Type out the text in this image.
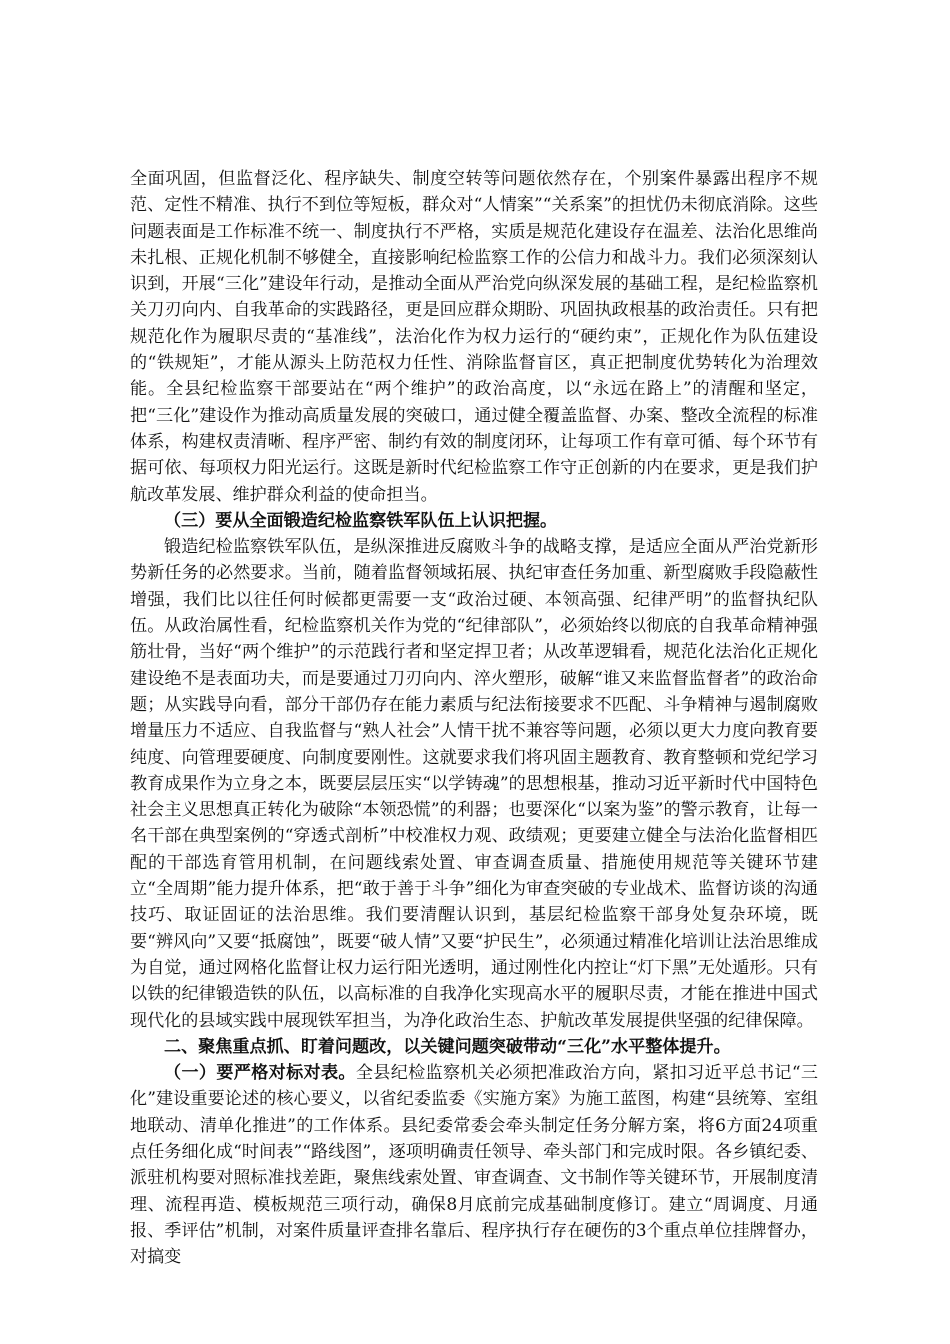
全面巩固，但监督泛化、程序缺失、制度空转等问题依然存在，个别案件暴露出程序不规范、定性不精准、执行不到位等短板，群众对“人情案”“关系案”的担忧仍未彻底消除。这些问题表面是工作标准不统一、制度执行不严格，实质是规范化建设存在温差、法治化思维尚未扎根、正规化机制不够健全，直接影响纪检监察工作的公信力和战斗力。我们必须深刻认识到，开展“三化”建设年行动，是推动全面从严治党向纵深发展的基础工程，是纪检监察机关刀刃向内、自我革命的实践路径，更是回应群众期盼、巩固执政根基的政治责任。只有把规范化作为履职尽责的“基准线”，法治化作为权力运行的“硬约束”，正规化作为队伍建设的“铁规矩”，才能从源头上防范权力任性、消除监督盲区，真正把制度优势转化为治理效能。全县纪检监察干部要站在“两个维护”的政治高度，以“永远在路上”的清醒和坚定，把“三化”建设作为推动高质量发展的突破口，通过健全覆盖监督、办案、整改全流程的标准体系，构建权责清晰、程序严密、制约有效的制度闭环，让每项工作有章可循、每个环节有据可依、每项权力阳光运行。这既是新时代纪检监察工作守正创新的内在要求，更是我们护航改革发展、维护群众利益的使命担当。

（三）要从全面锻造纪检监察铁军队伍上认识把握。

锻造纪检监察铁军队伍，是纵深推进反腐败斗争的战略支撑，是适应全面从严治党新形势新任务的必然要求。当前，随着监督领域拓展、执纪审查任务加重、新型腐败手段隐蔽性增强，我们比以往任何时候都更需要一支“政治过硬、本领高强、纪律严明”的监督执纪队伍。从政治属性看，纪检监察机关作为党的“纪律部队”，必须始终以彻底的自我革命精神强筋壮骨，当好“两个维护”的示范践行者和坚定捍卫者；从改革逻辑看，规范化法治化正规化建设绝不是表面功夫，而是要通过刀刃向内、淬火塑形，破解“谁又来监督监督者”的政治命题；从实践导向看，部分干部仍存在能力素质与纪法衔接要求不匹配、斗争精神与遏制腐败增量压力不适应、自我监督与“熟人社会”人情干扰不兼容等问题，必须以更大力度向教育要纯度、向管理要硬度、向制度要刚性。这就要求我们将巩固主题教育、教育整顿和党纪学习教育成果作为立身之本，既要层层压实“以学铸魂”的思想根基，推动习近平新时代中国特色社会主义思想真正转化为破除“本领恐慌”的利器；也要深化“以案为鉴”的警示教育，让每一名干部在典型案例的“穿透式剖析”中校准权力观、政绩观；更要建立健全与法治化监督相匹配的干部选育管用机制，在问题线索处置、审查调查质量、措施使用规范等关键环节建立“全周期”能力提升体系，把“敢于善于斗争”细化为审查突破的专业战术、监督访谈的沟通技巧、取证固证的法治思维。我们要清醒认识到，基层纪检监察干部身处复杂环境，既要“辨风向”又要“抵腐蚀”，既要“破人情”又要“护民生”，必须通过精准化培训让法治思维成为自觉，通过网格化监督让权力运行阳光透明，通过刚性化内控让“灯下黑”无处遁形。只有以铁的纪律锻造铁的队伍，以高标准的自我净化实现高水平的履职尽责，才能在推进中国式现代化的县域实践中展现铁军担当，为净化政治生态、护航改革发展提供坚强的纪律保障。

二、聚焦重点抓、盯着问题改，以关键问题突破带动“三化”水平整体提升。

（一）要严格对标对表。全县纪检监察机关必须把准政治方向，紧扣习近平总书记“三化”建设重要论述的核心要义，以省纪委监委《实施方案》为施工蓝图，构建“县统筹、室组地联动、清单化推进”的工作体系。县纪委常委会牵头制定任务分解方案，将6方面24项重点任务细化成“时间表”“路线图”，逐项明确责任领导、牵头部门和完成时限。各乡镇纪委、派驻机构要对照标准找差距，聚焦线索处置、审查调查、文书制作等关键环节，开展制度清理、流程再造、模板规范三项行动，确保8月底前完成基础制度修订。建立“周调度、月通报、季评估”机制，对案件质量评查排名靠后、程序执行存在硬伤的3个重点单位挂牌督办，对搞变
